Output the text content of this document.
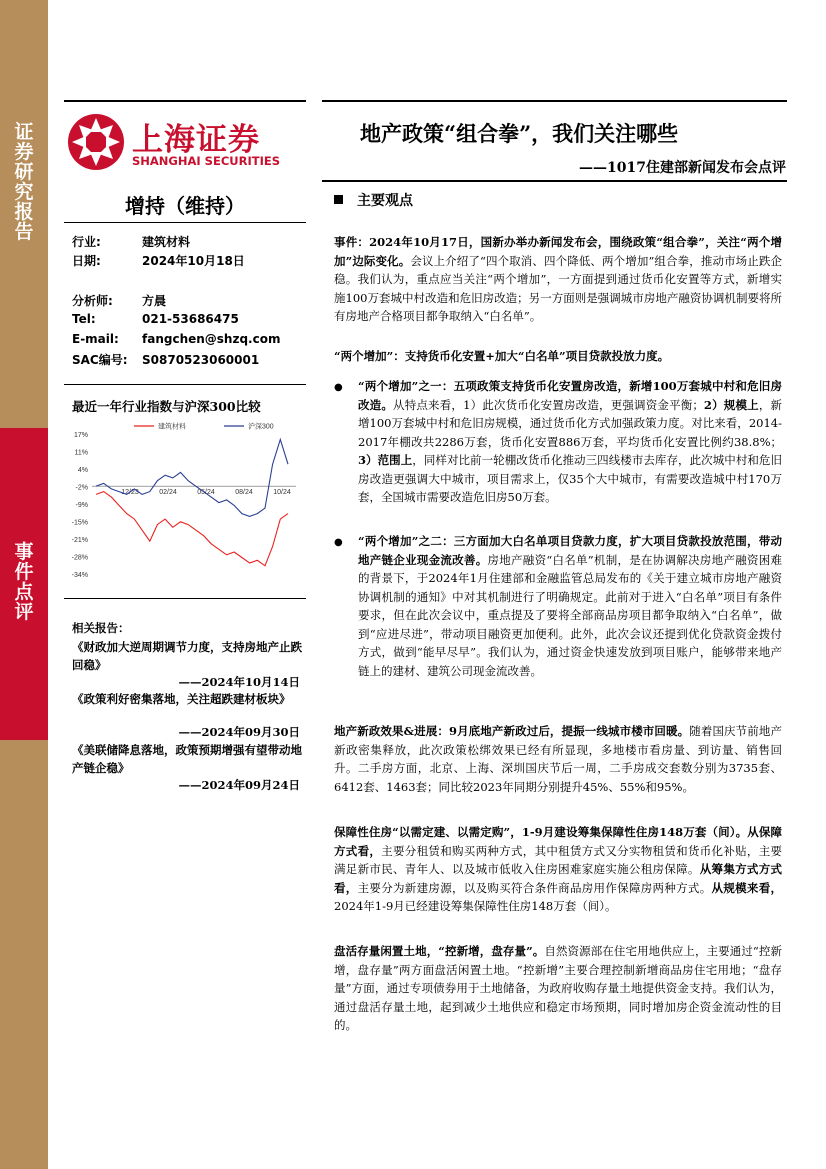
证
券
研
究
报
告
事
件
点
评
上海证券
SHANGHAI SECURITIES
地产政策“组合拳”，我们关注哪些
——1017住建部新闻发布会点评
增持（维持）
行业:	建筑材料
日期:	2024年10月18日
分析师: 方晨
Tel:	021-53686475
E-mail: fangchen@shzq.com
SAC编号: S0870523060001
最近一年行业指数与沪深300比较
17%
11%
4%
-2%
-9%
-15%
-21%
-28%
-34%
12/23	02/24	05/24	08/24	10/24
建筑材料	沪深300
相关报告：
《财政加大逆周期调节力度，支持房地产止跌回稳》
——2024年10月14日
《政策利好密集落地，关注超跌建材板块》
——2024年09月30日
《美联储降息落地，政策预期增强有望带动地产链企稳》
——2024年09月24日
主要观点
事件：2024年10月17日，国新办举办新闻发布会，围绕政策“组合拳”，关注“两个增加”边际变化。会议上介绍了“四个取消、四个降低、两个增加”组合拳，推动市场止跌企稳。我们认为，重点应当关注“两个增加”，一方面提到通过货币化安置等方式，新增实施100万套城中村改造和危旧房改造；另一方面则是强调城市房地产融资协调机制要将所有房地产合格项目都争取纳入“白名单”。
“两个增加”：支持货币化安置+加大“白名单”项目贷款投放力度。
● “两个增加”之一：五项政策支持货币化安置房改造，新增100万套城中村和危旧房改造。从特点来看，1）此次货币化安置房改造，更强调资金平衡；2）规模上，新增100万套城中村和危旧房规模，通过货币化方式加强政策力度。对比来看，2014-2017年棚改共2286万套，货币化安置886万套，平均货币化安置比例约38.8%；3）范围上，同样对比前一轮棚改货币化推动三四线楼市去库存，此次城中村和危旧房改造更强调大中城市，项目需求上，仅35个大中城市，有需要改造城中村170万套，全国城市需要改造危旧房50万套。
● “两个增加”之二：三方面加大白名单项目贷款力度，扩大项目贷款投放范围，带动地产链企业现金流改善。房地产融资“白名单”机制，是在协调解决房地产融资困难的背景下，于2024年1月住建部和金融监管总局发布的《关于建立城市房地产融资协调机制的通知》中对其机制进行了明确规定。此前对于进入“白名单”项目有条件要求，但在此次会议中，重点提及了要将全部商品房项目都争取纳入“白名单”，做到“应进尽进”，带动项目融资更加便利。此外，此次会议还提到优化贷款资金拨付方式，做到“能早尽早”。我们认为，通过资金快速发放到项目账户，能够带来地产链上的建材、建筑公司现金流改善。
地产新政效果&进展：9月底地产新政过后，提振一线城市楼市回暖。随着国庆节前地产新政密集释放，此次政策松绑效果已经有所显现，多地楼市看房量、到访量、销售回升。二手房方面，北京、上海、深圳国庆节后一周，二手房成交套数分别为3735套、6412套、1463套；同比较2023年同期分别提升45%、55%和95%。
保障性住房“以需定建、以需定购”，1-9月建设筹集保障性住房148万套（间）。从保障方式看，主要分租赁和购买两种方式，其中租赁方式又分实物租赁和货币化补贴，主要满足新市民、青年人、以及城市低收入住房困难家庭实施公租房保障。从筹集方式方式看，主要分为新建房源，以及购买符合条件商品房用作保障房两种方式。从规模来看，2024年1-9月已经建设筹集保障性住房148万套（间）。
盘活存量闲置土地，“控新增，盘存量”。自然资源部在住宅用地供应上，主要通过“控新增，盘存量”两方面盘活闲置土地。“控新增”主要合理控制新增商品房住宅用地；“盘存量”方面，通过专项债券用于土地储备，为政府收购存量土地提供资金支持。我们认为，通过盘活存量土地，起到减少土地供应和稳定市场预期，同时增加房企资金流动性的目的。
